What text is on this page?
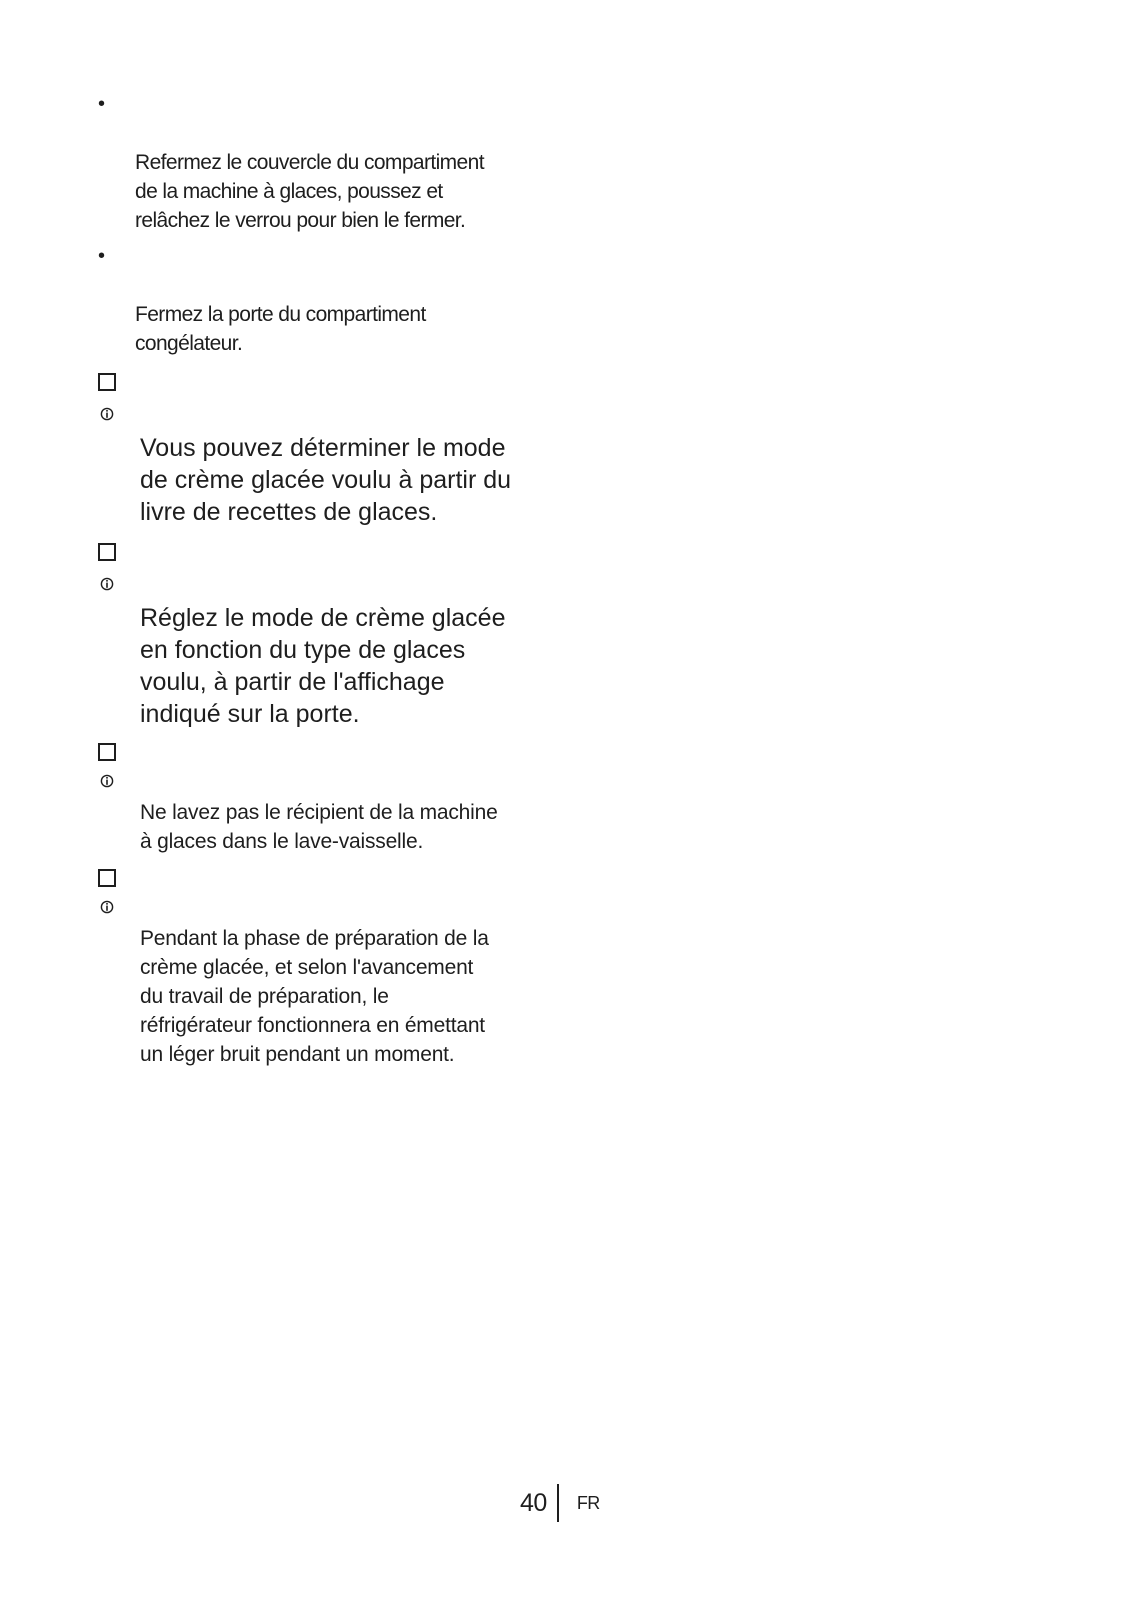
•

Refermez le couvercle du compartiment
de la machine à glaces, poussez et
relâchez le verrou pour bien le fermer.

•

Fermez la porte du compartiment
congélateur.

Vous pouvez déterminer le mode
de crème glacée voulu à partir du
livre de recettes de glaces.

Réglez le mode de crème glacée
en fonction du type de glaces
voulu, à partir de l'affichage
indiqué sur la porte.

Ne lavez pas le récipient de la machine
à glaces dans le lave-vaisselle.

Pendant la phase de préparation de la
crème glacée, et selon l'avancement
du travail de préparation, le
réfrigérateur fonctionnera en émettant
un léger bruit pendant un moment.

40 FR
